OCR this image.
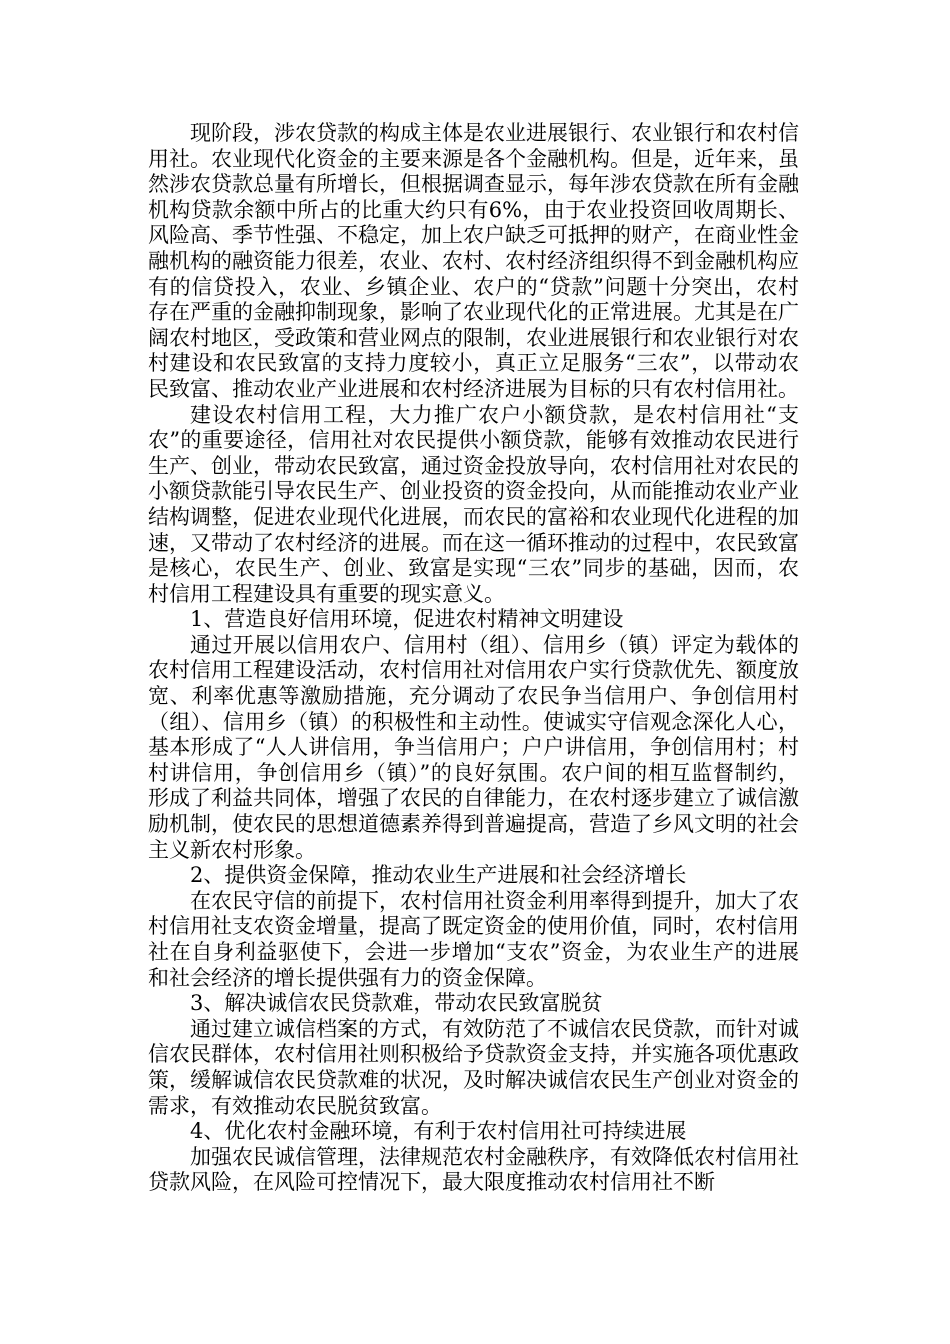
现阶段，涉农贷款的构成主体是农业进展银行、农业银行和农村信用社。农业现代化资金的主要来源是各个金融机构。但是，近年来，虽然涉农贷款总量有所增长，但根据调查显示，每年涉农贷款在所有金融机构贷款余额中所占的比重大约只有6%，由于农业投资回收周期长、风险高、季节性强、不稳定，加上农户缺乏可抵押的财产，在商业性金融机构的融资能力很差，农业、农村、农村经济组织得不到金融机构应有的信贷投入，农业、乡镇企业、农户的“贷款”问题十分突出，农村存在严重的金融抑制现象，影响了农业现代化的正常进展。尤其是在广阔农村地区，受政策和营业网点的限制，农业进展银行和农业银行对农村建设和农民致富的支持力度较小，真正立足服务“三农”，以带动农民致富、推动农业产业进展和农村经济进展为目标的只有农村信用社。

建设农村信用工程，大力推广农户小额贷款，是农村信用社“支农”的重要途径，信用社对农民提供小额贷款，能够有效推动农民进行生产、创业，带动农民致富，通过资金投放导向，农村信用社对农民的小额贷款能引导农民生产、创业投资的资金投向，从而能推动农业产业结构调整，促进农业现代化进展，而农民的富裕和农业现代化进程的加速，又带动了农村经济的进展。而在这一循环推动的过程中，农民致富是核心，农民生产、创业、致富是实现“三农”同步的基础，因而，农村信用工程建设具有重要的现实意义。

1、营造良好信用环境，促进农村精神文明建设

通过开展以信用农户、信用村（组）、信用乡（镇）评定为载体的农村信用工程建设活动，农村信用社对信用农户实行贷款优先、额度放宽、利率优惠等激励措施，充分调动了农民争当信用户、争创信用村（组）、信用乡（镇）的积极性和主动性。使诚实守信观念深化人心，基本形成了“人人讲信用，争当信用户；户户讲信用，争创信用村；村村讲信用，争创信用乡（镇）”的良好氛围。农户间的相互监督制约，形成了利益共同体，增强了农民的自律能力，在农村逐步建立了诚信激励机制，使农民的思想道德素养得到普遍提高，营造了乡风文明的社会主义新农村形象。

2、提供资金保障，推动农业生产进展和社会经济增长

在农民守信的前提下，农村信用社资金利用率得到提升，加大了农村信用社支农资金增量，提高了既定资金的使用价值，同时，农村信用社在自身利益驱使下，会进一步增加“支农”资金，为农业生产的进展和社会经济的增长提供强有力的资金保障。

3、解决诚信农民贷款难，带动农民致富脱贫

通过建立诚信档案的方式，有效防范了不诚信农民贷款，而针对诚信农民群体，农村信用社则积极给予贷款资金支持，并实施各项优惠政策，缓解诚信农民贷款难的状况，及时解决诚信农民生产创业对资金的需求，有效推动农民脱贫致富。

4、优化农村金融环境，有利于农村信用社可持续进展

加强农民诚信管理，法律规范农村金融秩序，有效降低农村信用社贷款风险，在风险可控情况下，最大限度推动农村信用社不断
